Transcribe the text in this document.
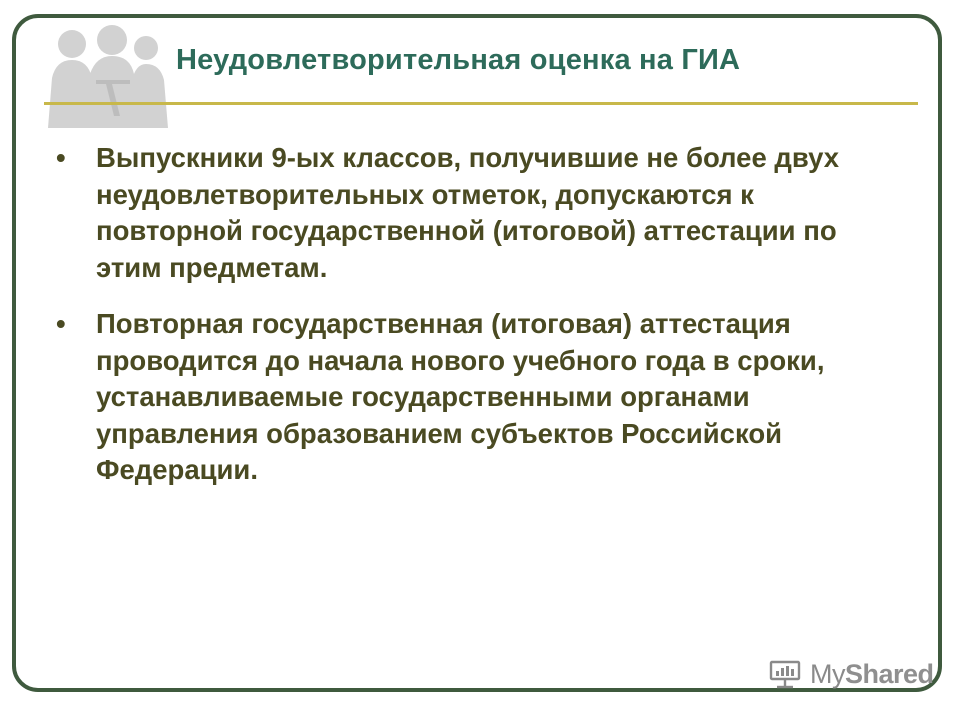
Неудовлетворительная оценка на ГИА
• Выпускники 9-ых классов, получившие не более двух неудовлетворительных отметок, допускаются к повторной государственной (итоговой) аттестации по этим предметам.
• Повторная государственная (итоговая) аттестация проводится до начала нового учебного года в сроки, устанавливаемые государственными органами управления образованием субъектов Российской Федерации.
MyShared
